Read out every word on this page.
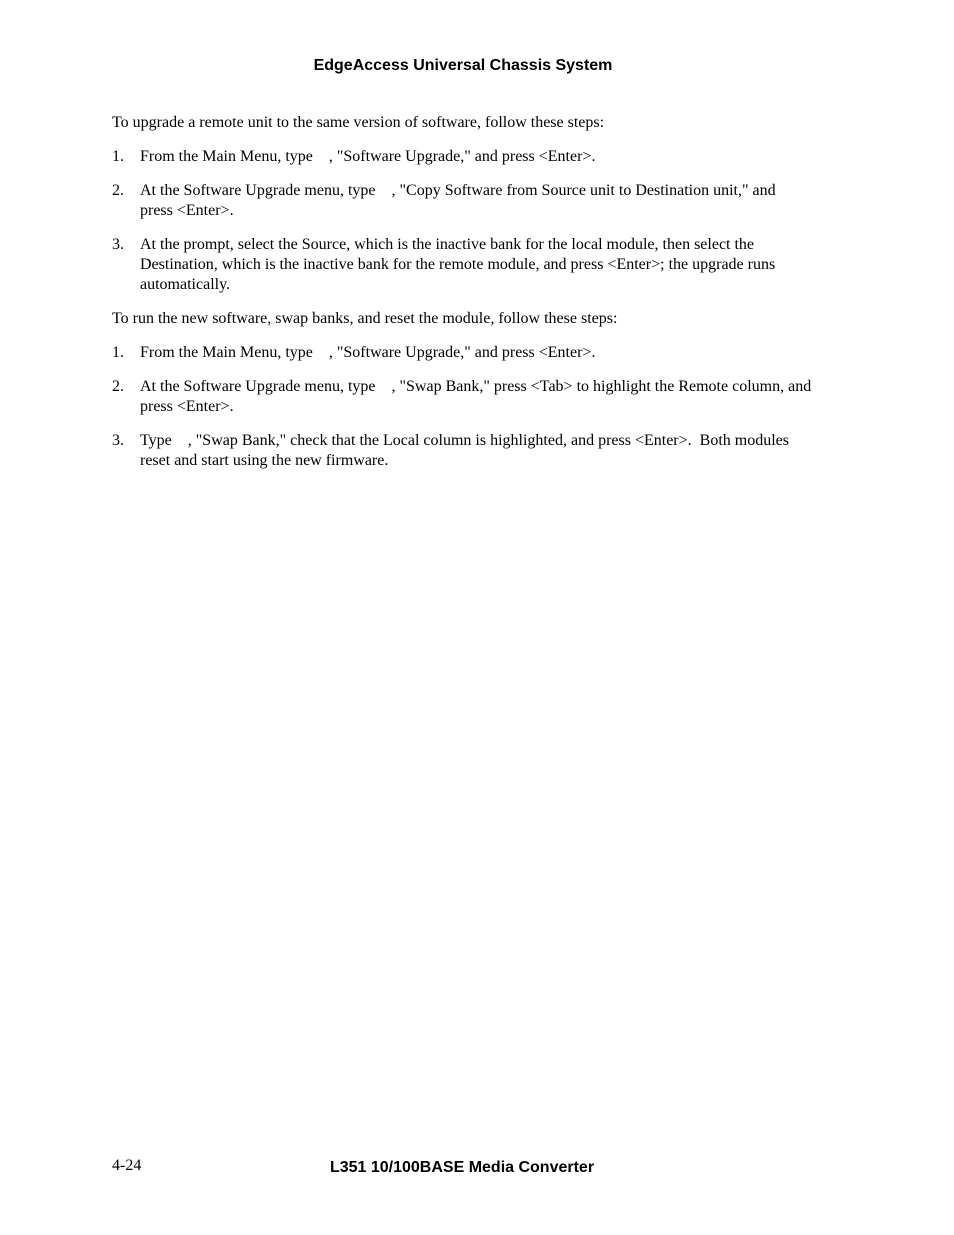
EdgeAccess Universal Chassis System

To upgrade a remote unit to the same version of software, follow these steps:

1. From the Main Menu, type    , "Software Upgrade," and press <Enter>.
2. At the Software Upgrade menu, type    , "Copy Software from Source unit to Destination unit," and press <Enter>.
3. At the prompt, select the Source, which is the inactive bank for the local module, then select the Destination, which is the inactive bank for the remote module, and press <Enter>; the upgrade runs automatically.

To run the new software, swap banks, and reset the module, follow these steps:

1. From the Main Menu, type    , "Software Upgrade," and press <Enter>.
2. At the Software Upgrade menu, type    , "Swap Bank," press <Tab> to highlight the Remote column, and press <Enter>.
3. Type    , "Swap Bank," check that the Local column is highlighted, and press <Enter>.  Both modules reset and start using the new firmware.
4-24	L351 10/100BASE Media Converter
